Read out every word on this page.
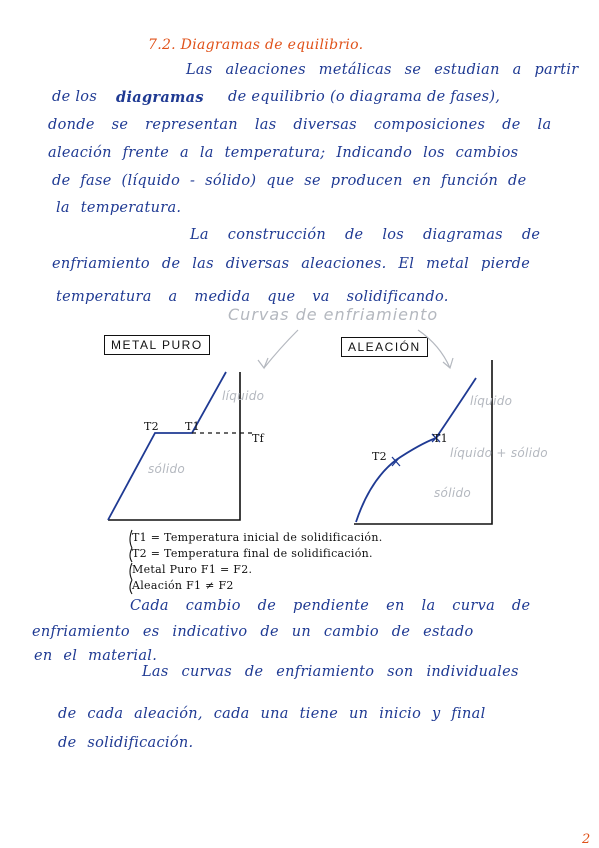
7.2. Diagramas de equilibrio.
Las aleaciones metálicas se estudian a partir
de los diagramas de equilibrio (o diagrama de fases),
donde se representan las diversas composiciones de la
aleación frente a la temperatura; Indicando los cambios
de fase (líquido - sólido) que se producen en función de
la temperatura.
La construcción de los diagramas de
enfriamiento de las diversas aleaciones. El metal pierde
temperatura a medida que va solidificando.
Curvas de enfriamiento
METAL PURO	ALEACIÓN
T2 T1
Tf
líquido
sólido
T1
T2
líquido
líquido + sólido
sólido
T1 = Temperatura inicial de solidificación.
T2 = Temperatura final de solidificación.
Metal Puro F1 = F2.
Aleación F1 ≠ F2
Cada cambio de pendiente en la curva de
enfriamiento es indicativo de un cambio de estado
en el material.
Las curvas de enfriamiento son individuales
de cada aleación, cada una tiene un inicio y final
de solidificación.
2
